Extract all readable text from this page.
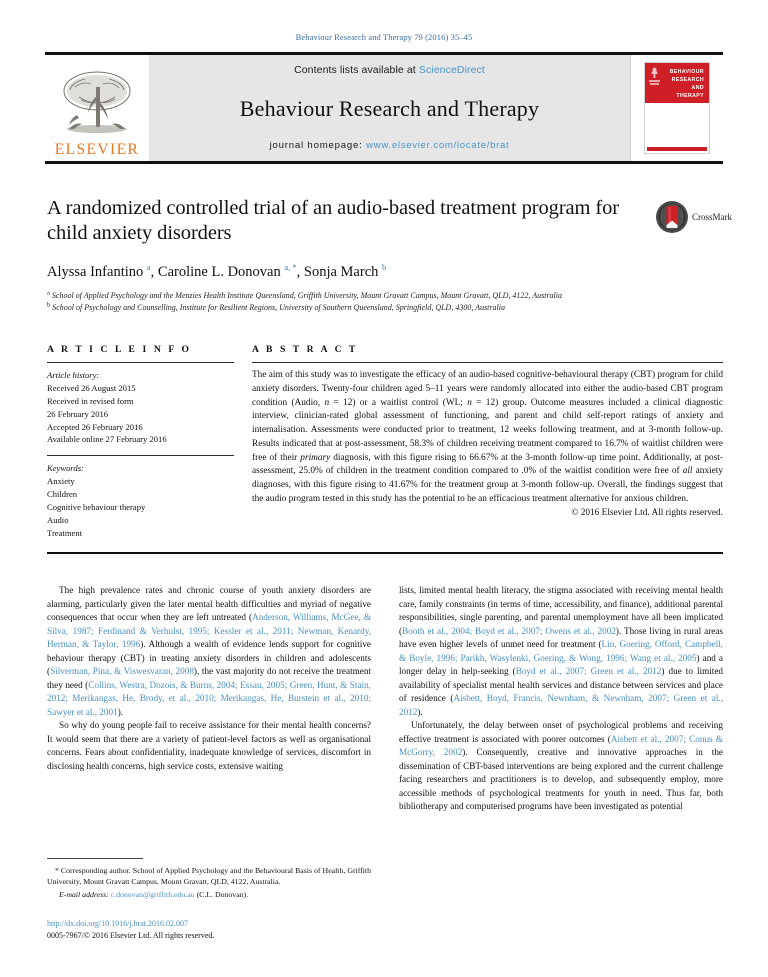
Behaviour Research and Therapy 79 (2016) 35–45
ELSEVIER
Contents lists available at ScienceDirect
Behaviour Research and Therapy
journal homepage: www.elsevier.com/locate/brat
BEHAVIOUR
RESEARCH AND
THERAPY
A randomized controlled trial of an audio-based treatment program for child anxiety disorders
Alyssa Infantino $^a$, Caroline L. Donovan $^{a, *}$, Sonja March $^b$
$^a$ School of Applied Psychology and the Menzies Health Institute Queensland, Griffith University, Mount Gravatt Campus, Mount Gravatt, QLD, 4122, Australia
$^b$ School of Psychology and Counselling, Institute for Resilient Regions, University of Southern Queensland, Springfield, QLD, 4300, Australia
CrossMark
A R T I C L E I N F O
Article history:
Received 26 August 2015
Received in revised form
26 February 2016
Accepted 26 February 2016
Available online 27 February 2016
Keywords:
Anxiety
Children
Cognitive behaviour therapy
Audio
Treatment
A B S T R A C T
The aim of this study was to investigate the efficacy of an audio-based cognitive-behavioural therapy (CBT) program for child anxiety disorders. Twenty-four children aged 5–11 years were randomly allocated into either the audio-based CBT program condition (Audio, n = 12) or a waitlist control (WL; n = 12) group. Outcome measures included a clinical diagnostic interview, clinician-rated global assessment of functioning, and parent and child self-report ratings of anxiety and internalisation. Assessments were conducted prior to treatment, 12 weeks following treatment, and at 3-month follow-up. Results indicated that at post-assessment, 58.3% of children receiving treatment compared to 16.7% of waitlist children were free of their primary diagnosis, with this figure rising to 66.67% at the 3-month follow-up time point. Additionally, at post-assessment, 25.0% of children in the treatment condition compared to .0% of the waitlist condition were free of all anxiety diagnoses, with this figure rising to 41.67% for the treatment group at 3-month follow-up. Overall, the findings suggest that the audio program tested in this study has the potential to be an efficacious treatment alternative for anxious children.
© 2016 Elsevier Ltd. All rights reserved.

The high prevalence rates and chronic course of youth anxiety disorders are alarming, particularly given the later mental health difficulties and myriad of negative consequences that occur when they are left untreated (Anderson, Williams, McGee, & Silva, 1987; Ferdinand & Verhulst, 1995; Kessler et al., 2011; Newman, Kenardy, Herman, & Taylor, 1996). Although a wealth of evidence lends support for cognitive behaviour therapy (CBT) in treating anxiety disorders in children and adolescents (Silverman, Pina, & Viswesvaran, 2008), the vast majority do not receive the treatment they need (Collins, Westra, Dozois, & Burns, 2004; Essau, 2005; Green, Hunt, & Stain, 2012; Merikangas, He, Brody, et al., 2010; Merikangas, He, Burstein et al., 2010; Sawyer et al., 2001).

So why do young people fail to receive assistance for their mental health concerns? It would seem that there are a variety of patient-level factors as well as organisational concerns. Fears about confidentiality, inadequate knowledge of services, discomfort in disclosing health concerns, high service costs, extensive waiting

lists, limited mental health literacy, the stigma associated with receiving mental health care, family constraints (in terms of time, accessibility, and finance), additional parental responsibilities, single parenting, and parental unemployment have all been implicated (Booth et al., 2004; Boyd et al., 2007; Owens et al., 2002). Those living in rural areas have even higher levels of unmet need for treatment (Lin, Goering, Offord, Campbell, & Boyle, 1996; Parikh, Wasylenki, Goering, & Wong, 1996; Wang et al., 2005) and a longer delay in help-seeking (Boyd et al., 2007; Green et al., 2012) due to limited availability of specialist mental health services and distance between services and place of residence (Aisbett, Boyd, Francis, Newnham, & Newnham, 2007; Green et al., 2012).

Unfortunately, the delay between onset of psychological problems and receiving effective treatment is associated with poorer outcomes (Aisbett et al., 2007; Conus & McGorry, 2002). Consequently, creative and innovative approaches in the dissemination of CBT-based interventions are being explored and the current challenge facing researchers and practitioners is to develop, and subsequently employ, more accessible methods of psychological treatments for youth in need. Thus far, both bibliotherapy and computerised programs have been investigated as potential

* Corresponding author. School of Applied Psychology and the Behavioural Basis of Health, Griffith University, Mount Gravatt Campus, Mount Gravatt, QLD, 4122, Australia.

E-mail address: c.donovan@griffith.edu.au (C.L. Donovan).

http://dx.doi.org/10.1016/j.brat.2016.02.007
0005-7967/© 2016 Elsevier Ltd. All rights reserved.
